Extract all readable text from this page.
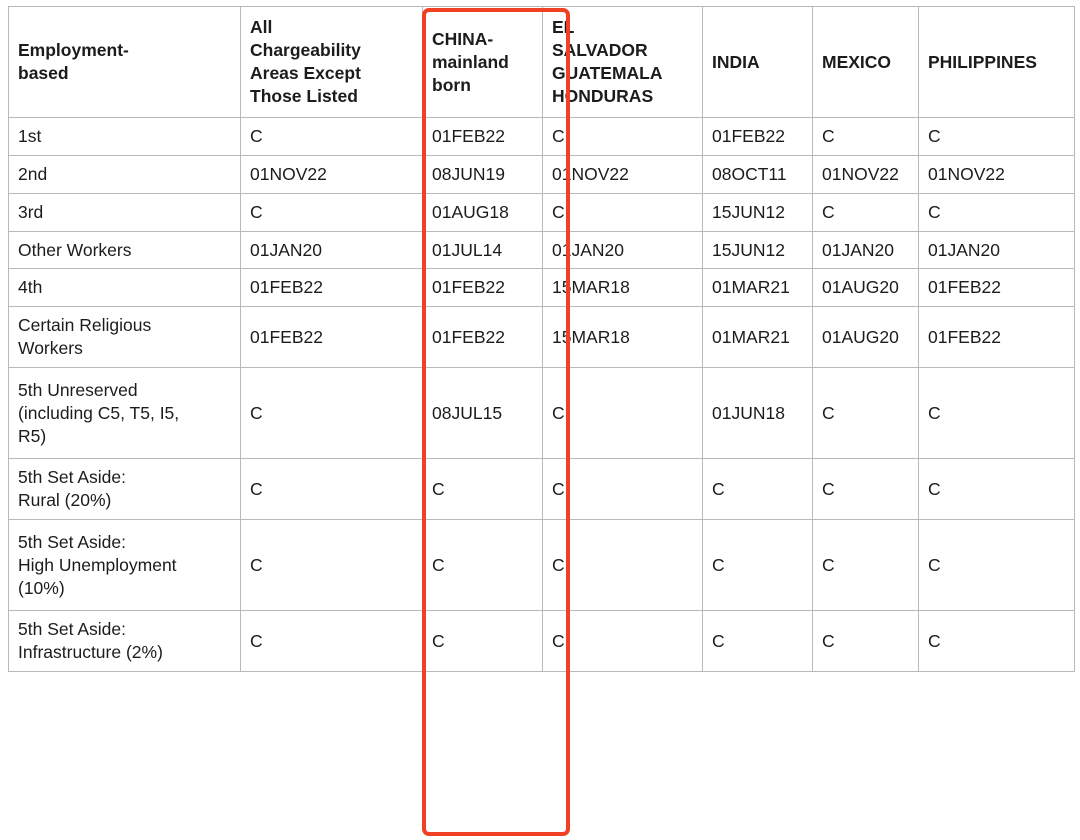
Employment-
based	All
Chargeability
Areas Except
Those Listed	CHINA-
mainland
born	EL
SALVADOR
GUATEMALA
HONDURAS	INDIA	MEXICO	PHILIPPINES
1st	C	01FEB22	C	01FEB22	C	C
2nd	01NOV22	08JUN19	01NOV22	08OCT11	01NOV22	01NOV22
3rd	C	01AUG18	C	15JUN12	C	C
Other Workers	01JAN20	01JUL14	01JAN20	15JUN12	01JAN20	01JAN20
4th	01FEB22	01FEB22	15MAR18	01MAR21	01AUG20	01FEB22
Certain Religious
Workers	01FEB22	01FEB22	15MAR18	01MAR21	01AUG20	01FEB22
5th Unreserved
(including C5, T5, I5,
R5)	C	08JUL15	C	01JUN18	C	C
5th Set Aside:
Rural (20%)	C	C	C	C	C	C
5th Set Aside:
High Unemployment
(10%)	C	C	C	C	C	C
5th Set Aside:
Infrastructure (2%)	C	C	C	C	C	C
